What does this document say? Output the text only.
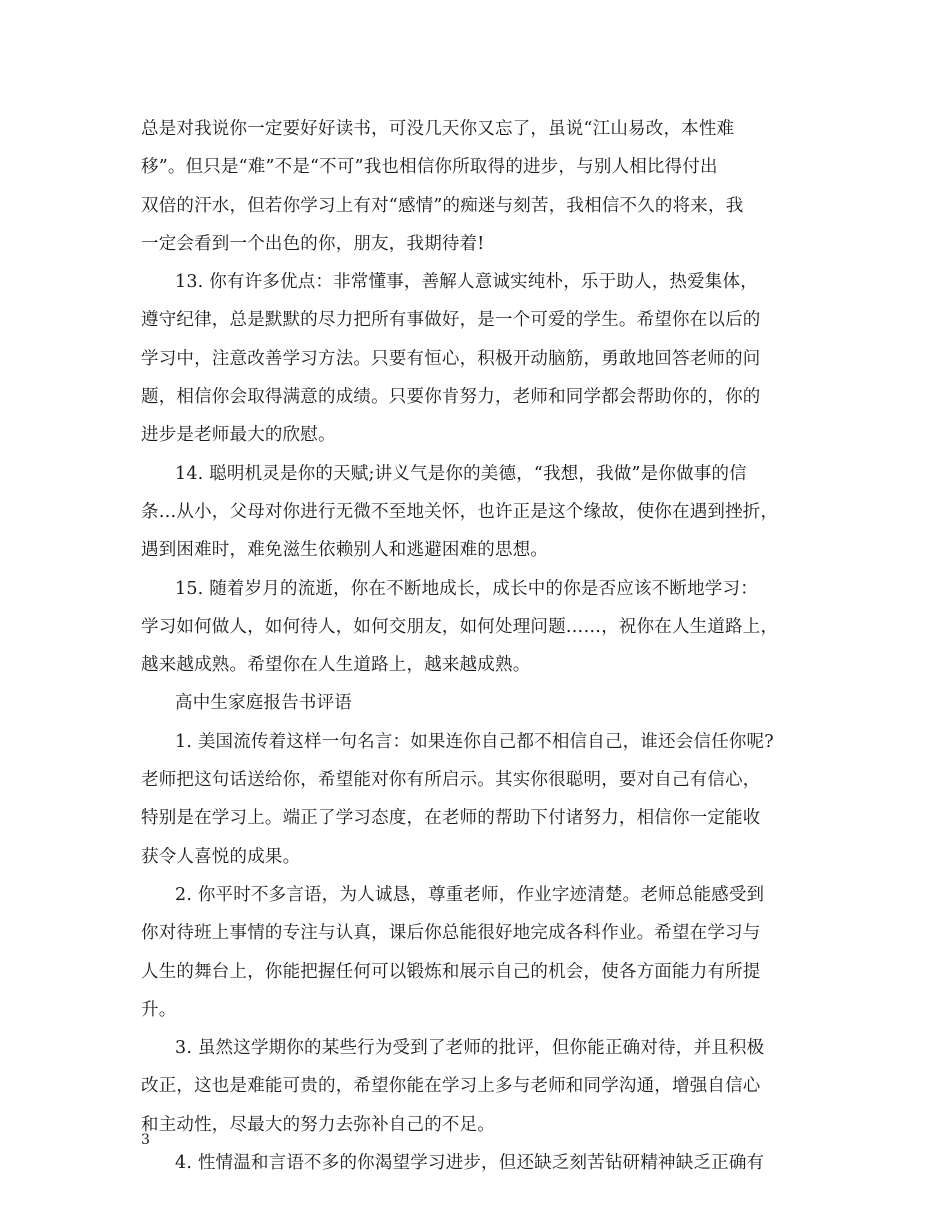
总是对我说你一定要好好读书，可没几天你又忘了，虽说“江山易改，本性难
移”。但只是“难”不是“不可”我也相信你所取得的进步，与别人相比得付出
双倍的汗水，但若你学习上有对“感情”的痴迷与刻苦，我相信不久的将来，我
一定会看到一个出色的你，朋友，我期待着!
13. 你有许多优点：非常懂事，善解人意诚实纯朴，乐于助人，热爱集体，
遵守纪律，总是默默的尽力把所有事做好，是一个可爱的学生。希望你在以后的
学习中，注意改善学习方法。只要有恒心，积极开动脑筋，勇敢地回答老师的问
题，相信你会取得满意的成绩。只要你肯努力，老师和同学都会帮助你的，你的
进步是老师最大的欣慰。
14. 聪明机灵是你的天赋;讲义气是你的美德，“我想，我做”是你做事的信
条…从小，父母对你进行无微不至地关怀，也许正是这个缘故，使你在遇到挫折，
遇到困难时，难免滋生依赖别人和逃避困难的思想。
15. 随着岁月的流逝，你在不断地成长，成长中的你是否应该不断地学习：
学习如何做人，如何待人，如何交朋友，如何处理问题……，祝你在人生道路上，
越来越成熟。希望你在人生道路上，越来越成熟。
高中生家庭报告书评语
1. 美国流传着这样一句名言：如果连你自己都不相信自己，谁还会信任你呢?
老师把这句话送给你，希望能对你有所启示。其实你很聪明，要对自己有信心，
特别是在学习上。端正了学习态度，在老师的帮助下付诸努力，相信你一定能收
获令人喜悦的成果。
2. 你平时不多言语，为人诚恳，尊重老师，作业字迹清楚。老师总能感受到
你对待班上事情的专注与认真，课后你总能很好地完成各科作业。希望在学习与
人生的舞台上，你能把握任何可以锻炼和展示自己的机会，使各方面能力有所提
升。
3. 虽然这学期你的某些行为受到了老师的批评，但你能正确对待，并且积极
改正，这也是难能可贵的，希望你能在学习上多与老师和同学沟通，增强自信心
和主动性，尽最大的努力去弥补自己的不足。
4. 性情温和言语不多的你渴望学习进步，但还缺乏刻苦钻研精神缺乏正确有
3
